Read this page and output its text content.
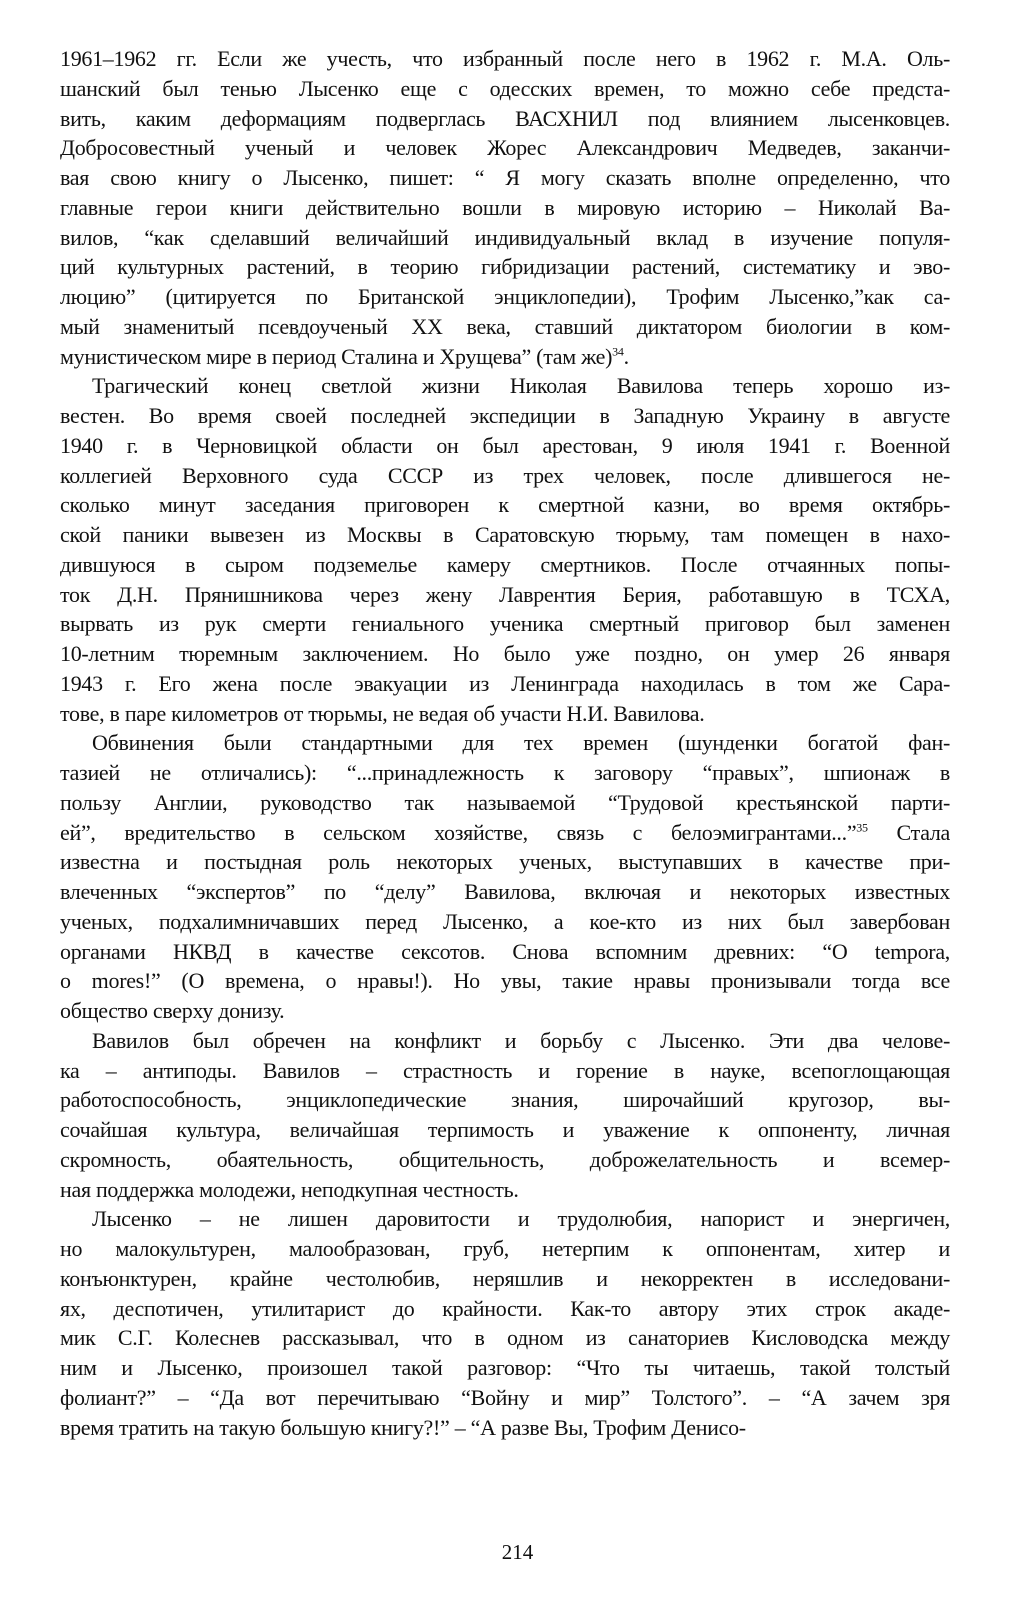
1961–1962 гг. Если же учесть, что избранный после него в 1962 г. М.А. Оль-
шанский был тенью Лысенко еще с одесских времен, то можно себе предста-
вить, каким деформациям подверглась ВАСХНИЛ под влиянием лысенковцев.
Добросовестный ученый и человек Жорес Александрович Медведев, заканчи-
вая свою книгу о Лысенко, пишет: “ Я могу сказать вполне определенно, что
главные герои книги действительно вошли в мировую историю – Николай Ва-
вилов, “как сделавший величайший индивидуальный вклад в изучение популя-
ций культурных растений, в теорию гибридизации растений, систематику и эво-
люцию” (цитируется по Британской энциклопедии), Трофим Лысенко,”как са-
мый знаменитый псевдоученый XX века, ставший диктатором биологии в ком-
мунистическом мире в период Сталина и Хрущева” (там же)$^{34}$.
Трагический конец светлой жизни Николая Вавилова теперь хорошо из-
вестен. Во время своей последней экспедиции в Западную Украину в августе
1940 г. в Черновицкой области он был арестован, 9 июля 1941 г. Военной
коллегией Верховного суда СССР из трех человек, после длившегося не-
сколько минут заседания приговорен к смертной казни, во время октябрь-
ской паники вывезен из Москвы в Саратовскую тюрьму, там помещен в нахо-
дившуюся в сыром подземелье камеру смертников. После отчаянных попы-
ток Д.Н. Прянишникова через жену Лаврентия Берия, работавшую в ТСХА,
вырвать из рук смерти гениального ученика смертный приговор был заменен
10-летним тюремным заключением. Но было уже поздно, он умер 26 января
1943 г. Его жена после эвакуации из Ленинграда находилась в том же Сара-
тове, в паре километров от тюрьмы, не ведая об участи Н.И. Вавилова.
Обвинения были стандартными для тех времен (шунденки богатой фан-
тазией не отличались): “...принадлежность к заговору “правых”, шпионаж в
пользу Англии, руководство так называемой “Трудовой крестьянской парти-
ей”, вредительство в сельском хозяйстве, связь с белоэмигрантами...”$^{35}$ Стала
известна и постыдная роль некоторых ученых, выступавших в качестве при-
влеченных “экспертов” по “делу” Вавилова, включая и некоторых известных
ученых, подхалимничавших перед Лысенко, а кое-кто из них был завербован
органами НКВД в качестве сексотов. Снова вспомним древних: “O tempora,
o mores!” (О времена, о нравы!). Но увы, такие нравы пронизывали тогда все
общество сверху донизу.
Вавилов был обречен на конфликт и борьбу с Лысенко. Эти два челове-
ка – антиподы. Вавилов – страстность и горение в науке, всепоглощающая
работоспособность, энциклопедические знания, широчайший кругозор, вы-
сочайшая культура, величайшая терпимость и уважение к оппоненту, личная
скромность, обаятельность, общительность, доброжелательность и всемер-
ная поддержка молодежи, неподкупная честность.
Лысенко – не лишен даровитости и трудолюбия, напорист и энергичен,
но малокультурен, малообразован, груб, нетерпим к оппонентам, хитер и
конъюнктурен, крайне честолюбив, неряшлив и некорректен в исследовани-
ях, деспотичен, утилитарист до крайности. Как-то автору этих строк акаде-
мик С.Г. Колеснев рассказывал, что в одном из санаториев Кисловодска между
ним и Лысенко, произошел такой разговор: “Что ты читаешь, такой толстый
фолиант?” – “Да вот перечитываю “Войну и мир” Толстого”. – “А зачем зря
время тратить на такую большую книгу?!” – “А разве Вы, Трофим Денисо-
214
